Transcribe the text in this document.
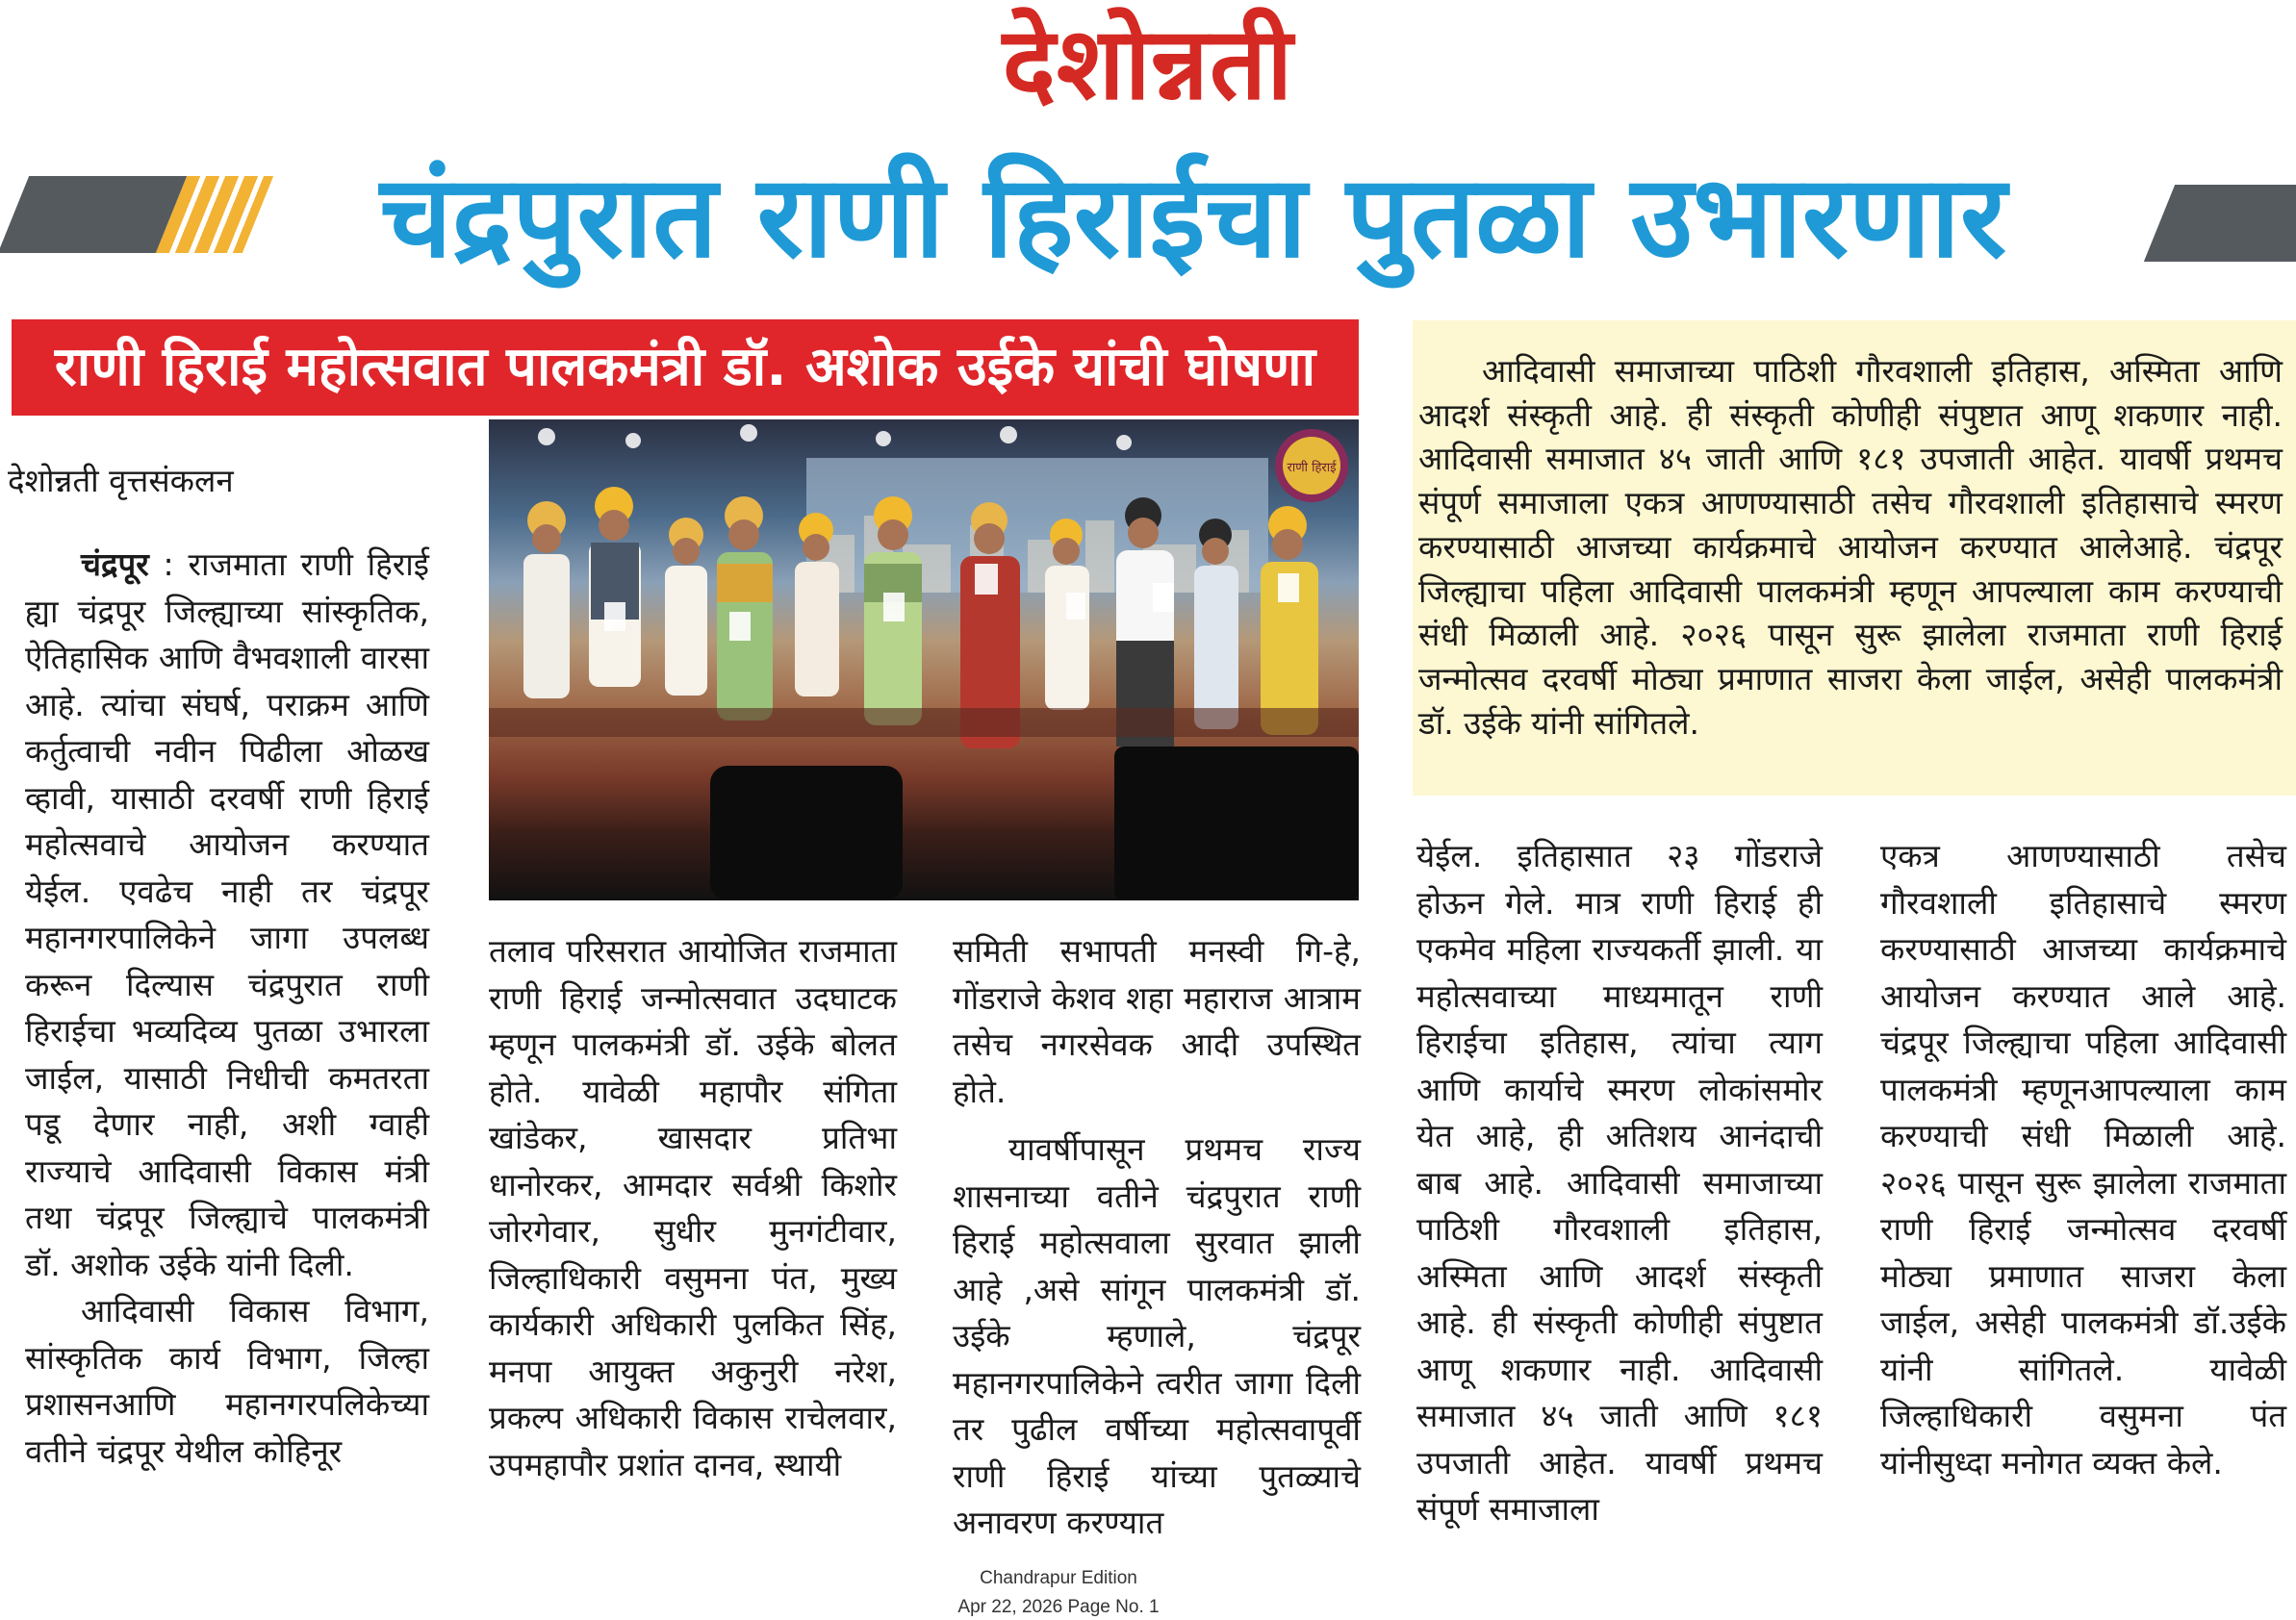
देशोन्नती
चंद्रपुरात राणी हिराईचा पुतळा उभारणार
राणी हिराई महोत्सवात पालकमंत्री डॉ. अशोक उईके यांची घोषणा
देशोन्नती वृत्तसंकलन	राणी हिराई

आदिवासी समाजाच्या पाठिशी गौरवशाली इतिहास, अस्मिता आणि आदर्श संस्कृती आहे. ही संस्कृती कोणीही संपुष्टात आणू शकणार नाही. आदिवासी समाजात ४५ जाती आणि १८१ उपजाती आहेत. यावर्षी प्रथमच संपूर्ण समाजाला एकत्र आणण्यासाठी तसेच गौरवशाली इतिहासाचे स्मरण करण्यासाठी आजच्या कार्यक्रमाचे आयोजन करण्यात आलेआहे. चंद्रपूर जिल्ह्याचा पहिला आदिवासी पालकमंत्री म्हणून आपल्याला काम करण्याची संधी मिळाली आहे. २०२६ पासून सुरू झालेला राजमाता राणी हिराई जन्मोत्सव दरवर्षी मोठ्या प्रमाणात साजरा केला जाईल, असेही पालकमंत्री डॉ. उईके यांनी सांगितले.

चंद्रपूर : राजमाता राणी हिराई ह्या चंद्रपूर जिल्ह्याच्या सांस्कृतिक, ऐतिहासिक आणि वैभवशाली वारसा आहे. त्यांचा संघर्ष, पराक्रम आणि कर्तुत्वाची नवीन पिढीला ओळख व्हावी, यासाठी दरवर्षी राणी हिराई महोत्सवाचे आयोजन करण्यात येईल. एवढेच नाही तर चंद्रपूर महानगरपालिकेने जागा उपलब्ध करून दिल्यास चंद्रपुरात राणी हिराईचा भव्यदिव्य पुतळा उभारला जाईल, यासाठी निधीची कमतरता पडू देणार नाही, अशी ग्वाही राज्याचे आदिवासी विकास मंत्री तथा चंद्रपूर जिल्ह्याचे पालकमंत्री डॉ. अशोक उईके यांनी दिली.

आदिवासी विकास विभाग, सांस्कृतिक कार्य विभाग, जिल्हा प्रशासनआणि महानगरपलिकेच्या वतीने चंद्रपूर येथील कोहिनूर

तलाव परिसरात आयोजित राजमाता राणी हिराई जन्मोत्सवात उदघाटक म्हणून पालकमंत्री डॉ. उईके बोलत होते. यावेळी महापौर संगिता खांडेकर, खासदार प्रतिभा धानोरकर, आमदार सर्वश्री किशोर जोरगेवार, सुधीर मुनगंटीवार, जिल्हाधिकारी वसुमना पंत, मुख्य कार्यकारी अधिकारी पुलकित सिंह, मनपा आयुक्त अकुनुरी नरेश, प्रकल्प अधिकारी विकास राचेलवार, उपमहापौर प्रशांत दानव, स्थायी

समिती सभापती मनस्वी गि-हे, गोंडराजे केशव शहा महाराज आत्राम तसेच नगरसेवक आदी उपस्थित होते.

यावर्षीपासून प्रथमच राज्य शासनाच्या वतीने चंद्रपुरात राणी हिराई महोत्सवाला सुरवात झाली आहे ,असे सांगून पालकमंत्री डॉ. उईके म्हणाले, चंद्रपूर महानगरपालिकेने त्वरीत जागा दिली तर पुढील वर्षीच्या महोत्सवापूर्वी राणी हिराई यांच्या पुतळ्याचे अनावरण करण्यात

येईल. इतिहासात २३ गोंडराजे होऊन गेले. मात्र राणी हिराई ही एकमेव महिला राज्यकर्ती झाली. या महोत्सवाच्या माध्यमातून राणी हिराईचा इतिहास, त्यांचा त्याग आणि कार्याचे स्मरण लोकांसमोर येत आहे, ही अतिशय आनंदाची बाब आहे. आदिवासी समाजाच्या पाठिशी गौरवशाली इतिहास, अस्मिता आणि आदर्श संस्कृती आहे. ही संस्कृती कोणीही संपुष्टात आणू शकणार नाही. आदिवासी समाजात ४५ जाती आणि १८१ उपजाती आहेत. यावर्षी प्रथमच संपूर्ण समाजाला

एकत्र आणण्यासाठी तसेच गौरवशाली इतिहासाचे स्मरण करण्यासाठी आजच्या कार्यक्रमाचे आयोजन करण्यात आले आहे. चंद्रपूर जिल्ह्याचा पहिला आदिवासी पालकमंत्री म्हणूनआपल्याला काम करण्याची संधी मिळाली आहे. २०२६ पासून सुरू झालेला राजमाता राणी हिराई जन्मोत्सव दरवर्षी मोठ्या प्रमाणात साजरा केला जाईल, असेही पालकमंत्री डॉ.उईके यांनी सांगितले. यावेळी जिल्हाधिकारी वसुमना पंत यांनीसुध्दा मनोगत व्यक्त केले.

Chandrapur Edition
Apr 22, 2026 Page No. 1
